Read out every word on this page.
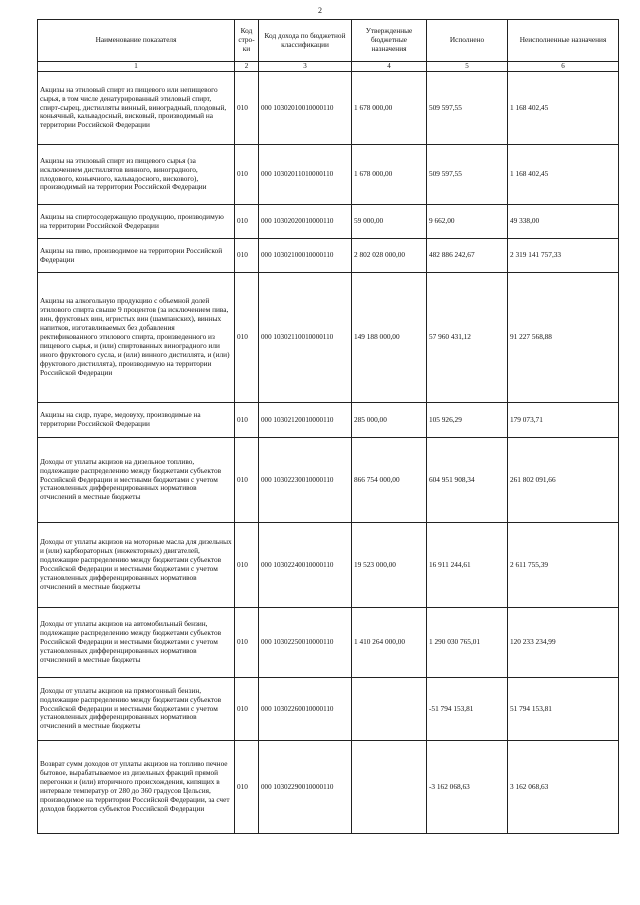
2
Наименование показателя	Код стро-ки	Код дохода по бюджетной классификации	Утвержденные бюджетные назначения	Исполнено	Неисполненные назначения
1	2	3	4	5	6
Акцизы на этиловый спирт из пищевого или непищевого сырья, в том числе денатурированный этиловый спирт, спирт-сырец, дистилляты винный, виноградный, плодовый, коньячный, кальвадосный, висковый, производимый на территории Российской Федерации	010	000 10302010010000110	1 678 000,00	509 597,55	1 168 402,45
Акцизы на этиловый спирт из пищевого сырья (за исключением дистиллятов винного, виноградного, плодового, коньячного, кальвадосного, вискового), производимый на территории Российской Федерации	010	000 10302011010000110	1 678 000,00	509 597,55	1 168 402,45
Акцизы на спиртосодержащую продукцию, производимую на территории Российской Федерации	010	000 10302020010000110	59 000,00	9 662,00	49 338,00
Акцизы на пиво, производимое на территории Российской Федерации	010	000 10302100010000110	2 802 028 000,00	482 886 242,67	2 319 141 757,33
Акцизы на алкогольную продукцию с объемной долей этилового спирта свыше 9 процентов (за исключением пива, вин, фруктовых вин, игристых вин (шампанских), винных напитков, изготавливаемых без добавления ректификованного этилового спирта, произведенного из пищевого сырья, и (или) спиртованных виноградного или иного фруктового сусла, и (или) винного дистиллята, и (или) фруктового дистиллята), производимую на территории Российской Федерации	010	000 10302110010000110	149 188 000,00	57 960 431,12	91 227 568,88
Акцизы на сидр, пуаре, медовуху, производимые на территории Российской Федерации	010	000 10302120010000110	285 000,00	105 926,29	179 073,71
Доходы от уплаты акцизов на дизельное топливо, подлежащие распределению между бюджетами субъектов Российской Федерации и местными бюджетами с учетом установленных дифференцированных нормативов отчислений в местные бюджеты	010	000 10302230010000110	866 754 000,00	604 951 908,34	261 802 091,66
Доходы от уплаты акцизов на моторные масла для дизельных и (или) карбюраторных (инжекторных) двигателей, подлежащие распределению между бюджетами субъектов Российской Федерации и местными бюджетами с учетом установленных дифференцированных нормативов отчислений в местные бюджеты	010	000 10302240010000110	19 523 000,00	16 911 244,61	2 611 755,39
Доходы от уплаты акцизов на автомобильный бензин, подлежащие распределению между бюджетами субъектов Российской Федерации и местными бюджетами с учетом установленных дифференцированных нормативов отчислений в местные бюджеты	010	000 10302250010000110	1 410 264 000,00	1 290 030 765,01	120 233 234,99
Доходы от уплаты акцизов на прямогонный бензин, подлежащие распределению между бюджетами субъектов Российской Федерации и местными бюджетами с учетом установленных дифференцированных нормативов отчислений в местные бюджеты	010	000 10302260010000110		-51 794 153,81	51 794 153,81
Возврат сумм доходов от уплаты акцизов на топливо печное бытовое, вырабатываемое из дизельных фракций прямой перегонки и (или) вторичного происхождения, кипящих в интервале температур от 280 до 360 градусов Цельсия, производимое на территории Российской Федерации, за счет доходов бюджетов субъектов Российской Федерации	010	000 10302290010000110		-3 162 068,63	3 162 068,63
